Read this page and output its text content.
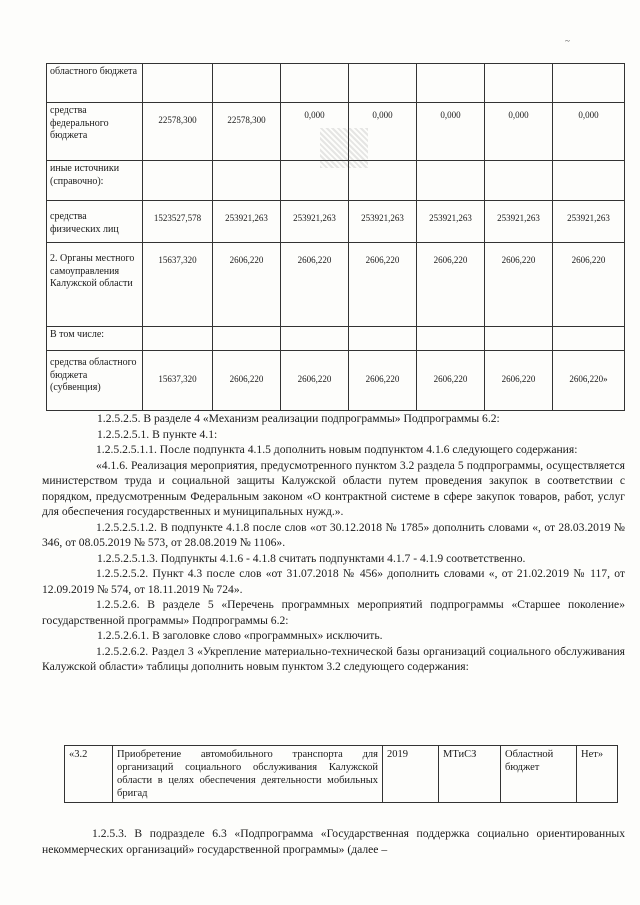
~
областного бюджета							
средства федерального бюджета	22578,300	22578,300	0,000	0,000	0,000	0,000	0,000
иные источники (справочно):							
средства физических лиц	1523527,578	253921,263	253921,263	253921,263	253921,263	253921,263	253921,263
2. Органы местного самоуправления Калужской области	15637,320	2606,220	2606,220	2606,220	2606,220	2606,220	2606,220
В том числе:							
средства областного бюджета (субвенция)	15637,320	2606,220	2606,220	2606,220	2606,220	2606,220	2606,220»

1.2.5.2.5. В разделе 4 «Механизм реализации подпрограммы» Подпрограммы 6.2:

1.2.5.2.5.1. В пункте 4.1:

1.2.5.2.5.1.1. После подпункта 4.1.5 дополнить новым подпунктом 4.1.6 следующего содержания:

«4.1.6. Реализация мероприятия, предусмотренного пунктом 3.2 раздела 5 подпрограммы, осуществляется министерством труда и социальной защиты Калужской области путем проведения закупок в соответствии с порядком, предусмотренным Федеральным законом «О контрактной системе в сфере закупок товаров, работ, услуг для обеспечения государственных и муниципальных нужд.».

1.2.5.2.5.1.2. В подпункте 4.1.8 после слов «от 30.12.2018 № 1785» дополнить словами «, от 28.03.2019 № 346, от 08.05.2019 № 573, от 28.08.2019 № 1106».

1.2.5.2.5.1.3. Подпункты 4.1.6 - 4.1.8 считать подпунктами 4.1.7 - 4.1.9 соответственно.

1.2.5.2.5.2. Пункт 4.3 после слов «от 31.07.2018 № 456» дополнить словами «, от 21.02.2019 № 117, от 12.09.2019 № 574, от 18.11.2019 № 724».

1.2.5.2.6. В разделе 5 «Перечень программных мероприятий подпрограммы «Старшее поколение» государственной программы» Подпрограммы 6.2:

1.2.5.2.6.1. В заголовке слово «программных» исключить.

1.2.5.2.6.2. Раздел 3 «Укрепление материально-технической базы организаций социального обслуживания Калужской области» таблицы дополнить новым пунктом 3.2 следующего содержания:

«3.2	Приобретение автомобильного транспорта для организаций социального обслуживания Калужской области в целях обеспечения деятельности мобильных бригад	2019	МТиСЗ	Областной бюджет	Нет»
1.2.5.3. В подразделе 6.3 «Подпрограмма «Государственная поддержка социально ориентированных некоммерческих организаций» государственной программы» (далее –
